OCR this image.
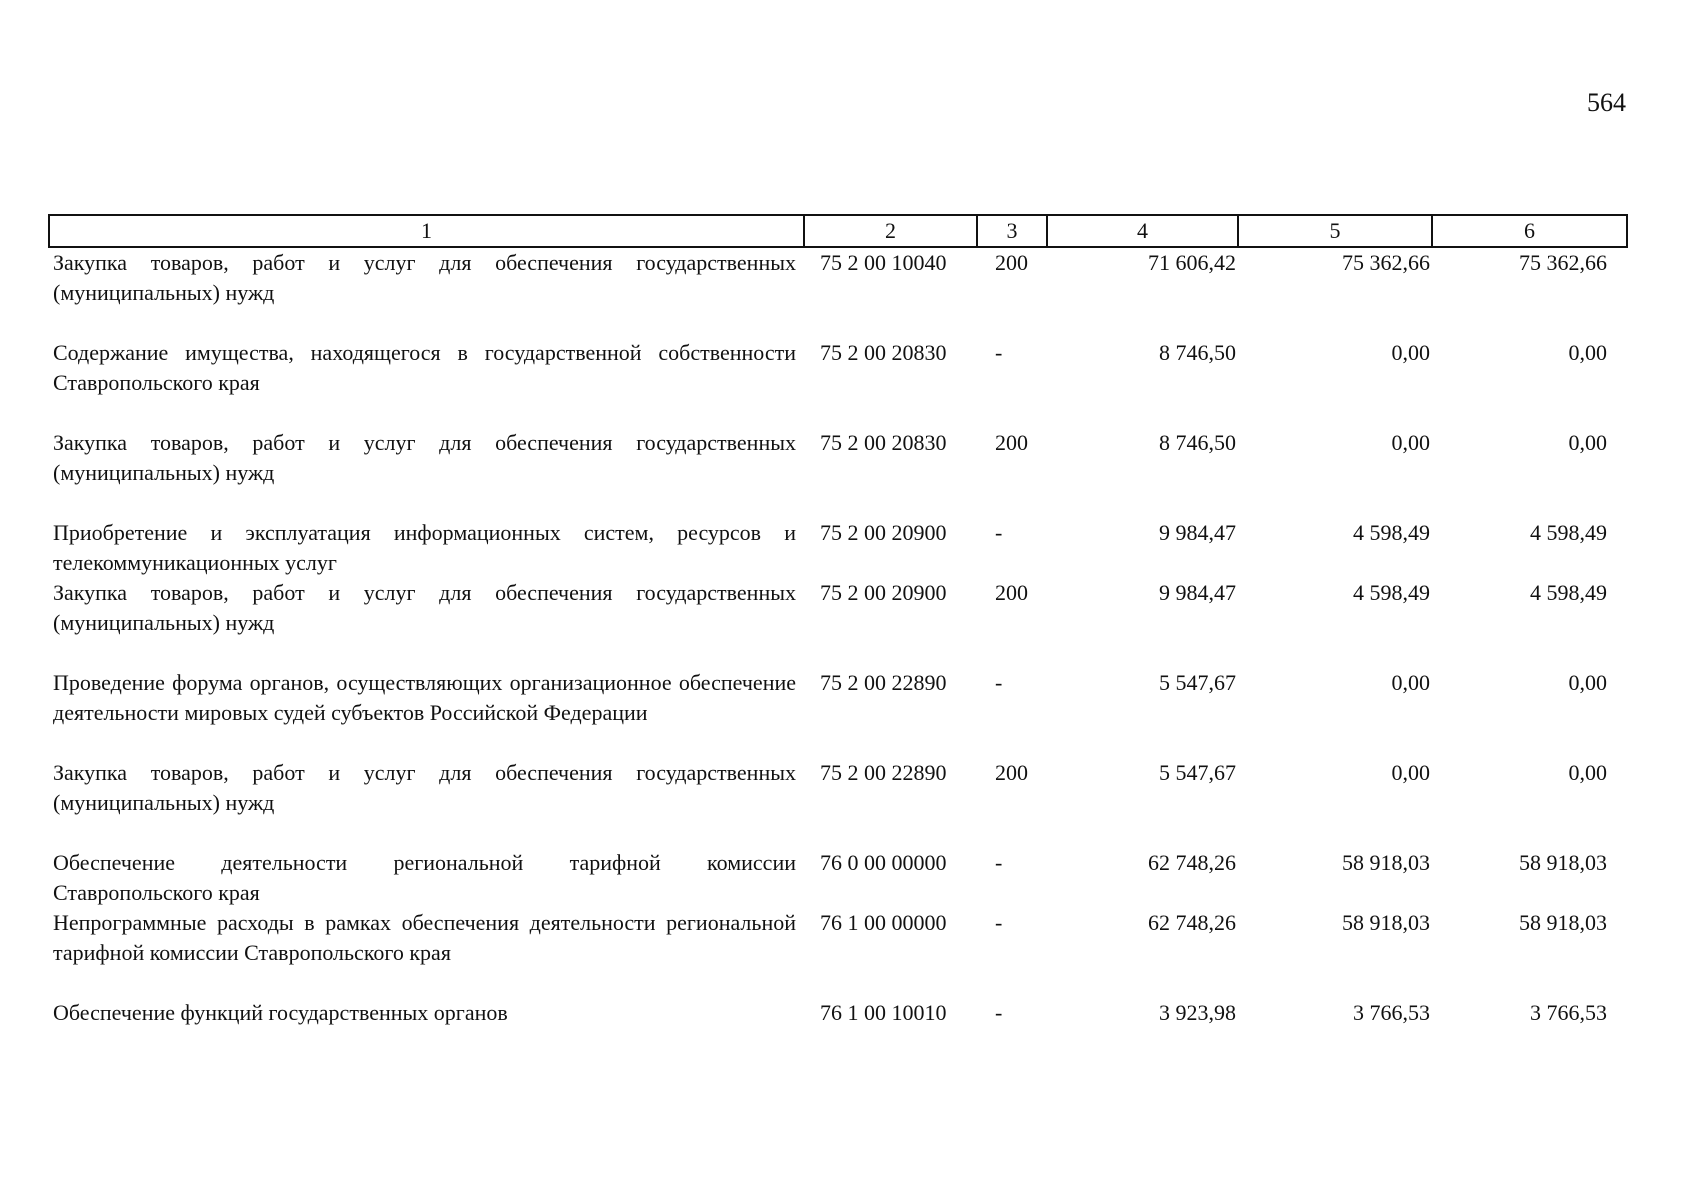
564
1	2	3	4	5	6
Закупка товаров, работ и услуг для обеспечения государственных (муниципальных) нужд	75 2 00 10040	200	71 606,42	75 362,66	75 362,66
Содержание имущества, находящегося в государственной собственности Ставропольского края	75 2 00 20830	-	8 746,50	0,00	0,00
Закупка товаров, работ и услуг для обеспечения государственных (муниципальных) нужд	75 2 00 20830	200	8 746,50	0,00	0,00
Приобретение и эксплуатация информационных систем, ресурсов и телекоммуникационных услуг	75 2 00 20900	-	9 984,47	4 598,49	4 598,49
Закупка товаров, работ и услуг для обеспечения государственных (муниципальных) нужд	75 2 00 20900	200	9 984,47	4 598,49	4 598,49
Проведение форума органов, осуществляющих организационное обеспечение деятельности мировых судей субъектов Российской Федерации	75 2 00 22890	-	5 547,67	0,00	0,00
Закупка товаров, работ и услуг для обеспечения государственных (муниципальных) нужд	75 2 00 22890	200	5 547,67	0,00	0,00
Обеспечение деятельности региональной тарифной комиссии Ставропольского края	76 0 00 00000	-	62 748,26	58 918,03	58 918,03
Непрограммные расходы в рамках обеспечения деятельности региональной тарифной комиссии Ставропольского края	76 1 00 00000	-	62 748,26	58 918,03	58 918,03
Обеспечение функций государственных органов	76 1 00 10010	-	3 923,98	3 766,53	3 766,53
